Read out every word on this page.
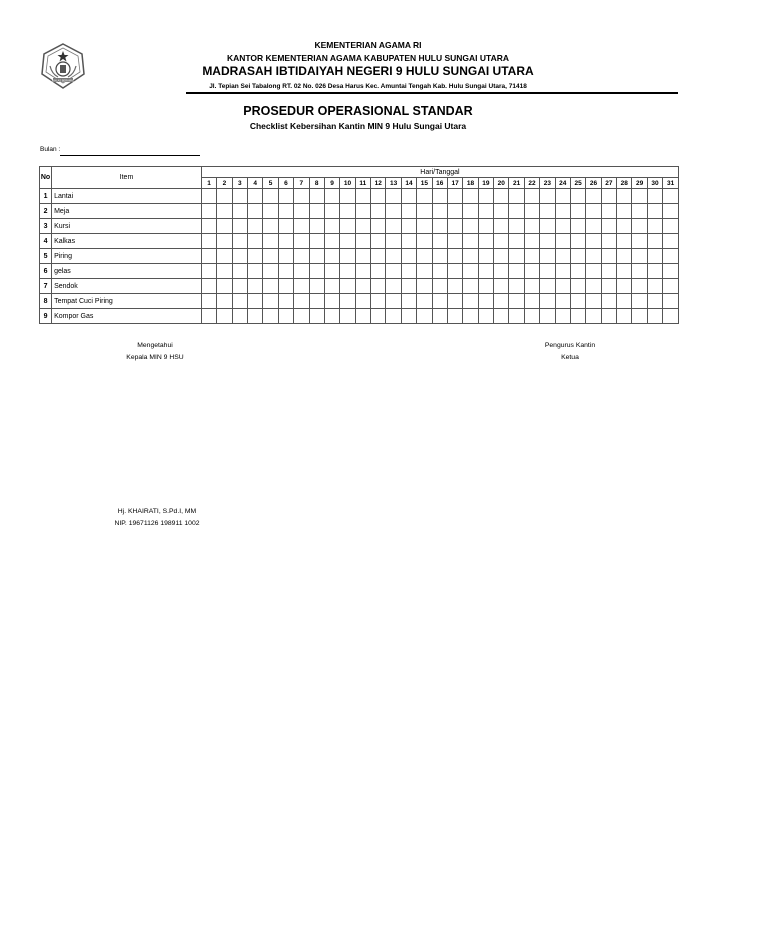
IKHLAS BERAMAL
KEMENTERIAN AGAMA RI
KANTOR KEMENTERIAN AGAMA KABUPATEN HULU SUNGAI UTARA
MADRASAH IBTIDAIYAH NEGERI 9 HULU SUNGAI UTARA
Jl. Tepian Sei Tabalong RT. 02 No. 026 Desa Harus Kec. Amuntai Tengah Kab. Hulu Sungai Utara, 71418
PROSEDUR OPERASIONAL STANDAR
Checklist Kebersihan Kantin MIN 9 Hulu Sungai Utara
Bulan :
No	Item	Hari/Tanggal																														
		1	2	3	4	5	6	7	8	9	10	11	12	13	14	15	16	17	18	19	20	21	22	23	24	25	26	27	28	29	30	31
1	Lantai																															
2	Meja																															
3	Kursi																															
4	Kalkas																															
5	Piring																															
6	gelas																															
7	Sendok																															
8	Tempat Cuci Piring																															
9	Kompor Gas																															
Mengetahui
Kepala MIN 9 HSU
Pengurus Kantin
Ketua
Hj. KHAIRATI, S.Pd.I, MM
NIP. 19671126 198911 1002
